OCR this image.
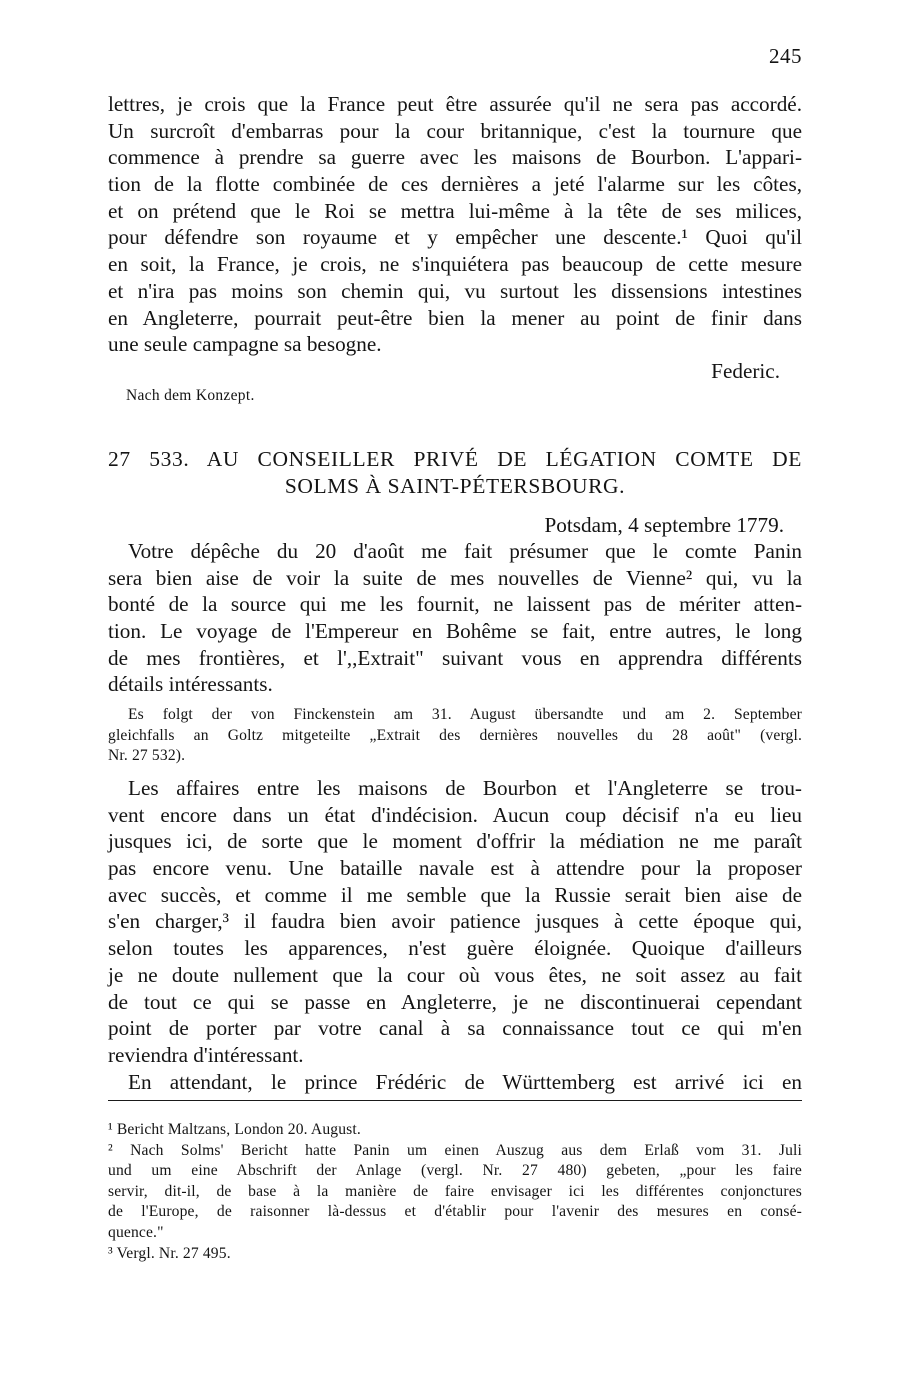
245
lettres, je crois que la France peut être assurée qu'il ne sera pas accordé.
Un surcroît d'embarras pour la cour britannique, c'est la tournure que
commence à prendre sa guerre avec les maisons de Bourbon. L'appari-
tion de la flotte combinée de ces dernières a jeté l'alarme sur les côtes,
et on prétend que le Roi se mettra lui-même à la tête de ses milices,
pour défendre son royaume et y empêcher une descente.¹ Quoi qu'il
en soit, la France, je crois, ne s'inquiétera pas beaucoup de cette mesure
et n'ira pas moins son chemin qui, vu surtout les dissensions intestines
en Angleterre, pourrait peut-être bien la mener au point de finir dans
une seule campagne sa besogne.
Federic.
Nach dem Konzept.
27 533. AU CONSEILLER PRIVÉ DE LÉGATION COMTE DE
SOLMS À SAINT-PÉTERSBOURG.
Potsdam, 4 septembre 1779.
Votre dépêche du 20 d'août me fait présumer que le comte Panin
sera bien aise de voir la suite de mes nouvelles de Vienne² qui, vu la
bonté de la source qui me les fournit, ne laissent pas de mériter atten-
tion. Le voyage de l'Empereur en Bohême se fait, entre autres, le long
de mes frontières, et l',,Extrait" suivant vous en apprendra différents
détails intéressants.
Es folgt der von Finckenstein am 31. August übersandte und am 2. September
gleichfalls an Goltz mitgeteilte „Extrait des dernières nouvelles du 28 août" (vergl.
Nr. 27 532).
Les affaires entre les maisons de Bourbon et l'Angleterre se trou-
vent encore dans un état d'indécision. Aucun coup décisif n'a eu lieu
jusques ici, de sorte que le moment d'offrir la médiation ne me paraît
pas encore venu. Une bataille navale est à attendre pour la proposer
avec succès, et comme il me semble que la Russie serait bien aise de
s'en charger,³ il faudra bien avoir patience jusques à cette époque qui,
selon toutes les apparences, n'est guère éloignée. Quoique d'ailleurs
je ne doute nullement que la cour où vous êtes, ne soit assez au fait
de tout ce qui se passe en Angleterre, je ne discontinuerai cependant
point de porter par votre canal à sa connaissance tout ce qui m'en
reviendra d'intéressant.
En attendant, le prince Frédéric de Württemberg est arrivé ici en
¹ Bericht Maltzans, London 20. August.
² Nach Solms' Bericht hatte Panin um einen Auszug aus dem Erlaß vom 31. Juli
und um eine Abschrift der Anlage (vergl. Nr. 27 480) gebeten, „pour les faire
servir, dit-il, de base à la manière de faire envisager ici les différentes conjonctures
de l'Europe, de raisonner là-dessus et d'établir pour l'avenir des mesures en consé-
quence."
³ Vergl. Nr. 27 495.
